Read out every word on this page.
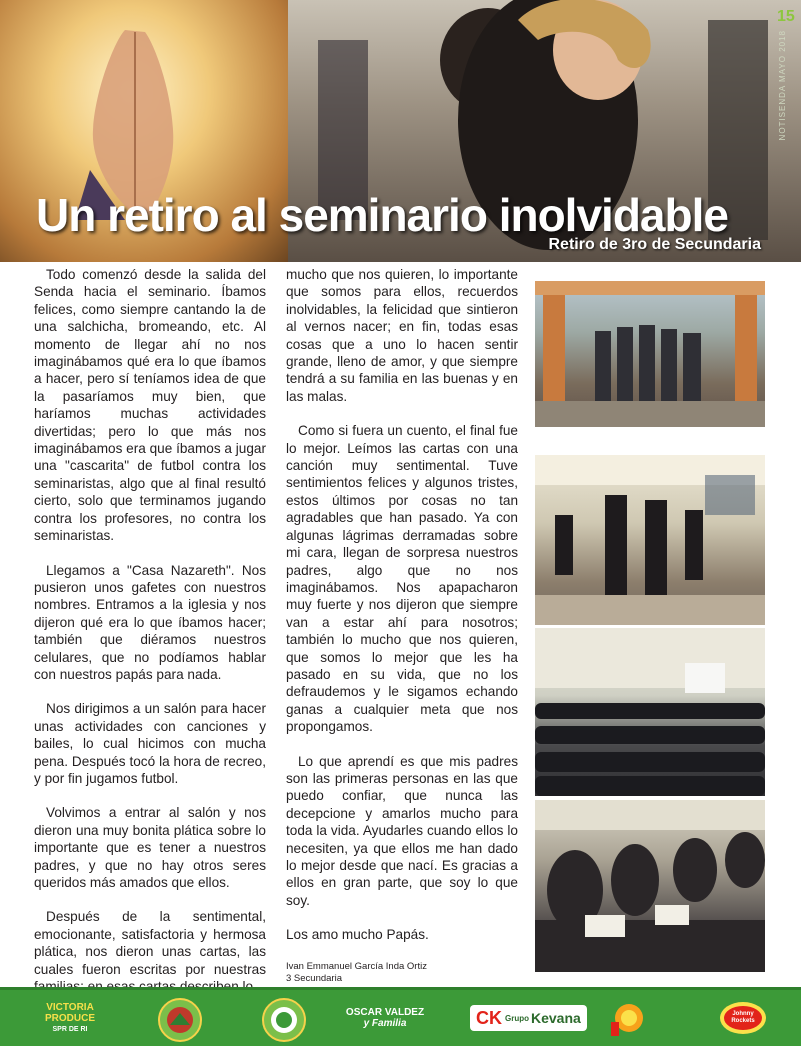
15
NOTISENDA MAYO 2018
Un retiro al seminario inolvidable
Retiro de 3ro de Secundaria

Todo comenzó desde la salida del Senda hacia el seminario. Íbamos felices, como siempre cantando la de una salchicha, bromeando, etc. Al momento de llegar ahí no nos imaginábamos qué era lo que íbamos a hacer, pero sí teníamos idea de que la pasaríamos muy bien, que haríamos muchas actividades divertidas; pero lo que más nos imaginábamos era que íbamos a jugar una "cascarita" de futbol contra los seminaristas, algo que al final resultó cierto, solo que terminamos jugando contra los profesores, no contra los seminaristas.

Llegamos a "Casa Nazareth". Nos pusieron unos gafetes con nuestros nombres. Entramos a la iglesia y nos dijeron qué era lo que íbamos hacer; también que diéramos nuestros celulares, que no podíamos hablar con nuestros papás para nada.

Nos dirigimos a un salón para hacer unas actividades con canciones y bailes, lo cual hicimos con mucha pena. Después tocó la hora de recreo, y por fin jugamos futbol.

Volvimos a entrar al salón y nos dieron una muy bonita plática sobre lo importante que es tener a nuestros padres, y que no hay otros seres queridos más amados que ellos.

Después de la sentimental, emocionante, satisfactoria y hermosa plática, nos dieron unas cartas, las cuales fueron escritas por nuestras

mucho que nos quieren, lo importante que somos para ellos, recuerdos inolvidables, la felicidad que sintieron al vernos nacer; en fin, todas esas cosas que a uno lo hacen sentir grande, lleno de amor, y que siempre tendrá a su familia en las buenas y en las malas.

Como si fuera un cuento, el final fue lo mejor. Leímos las cartas con una canción muy sentimental. Tuve sentimientos felices y algunos tristes, estos últimos por cosas no tan agradables que han pasado. Ya con algunas lágrimas derramadas sobre mi cara, llegan de sorpresa nuestros padres, algo que no nos imaginábamos. Nos apapacharon muy fuerte y nos dijeron que siempre van a estar ahí para nosotros; también lo mucho que nos quieren, que somos lo mejor que les ha pasado en su vida, que no los defraudemos y le sigamos echando ganas a cualquier meta que nos propongamos.

Lo que aprendí es que mis padres son las primeras personas en las que puedo confiar, que nunca las decepcione y amarlos mucho para toda la vida. Ayudarles cuando ellos lo necesiten, ya que ellos me han dado lo mejor desde que nací. Es gracias a ellos en gran parte, que soy lo que soy.

Los amo mucho Papás.

Ivan Emmanuel García Inda Ortiz
3 Secundaria
VICTORIA PRODUCE
SPR DE RI
OSCAR VALDEZ
y Familia	CK Grupo Kevana	Johnny Rockets
